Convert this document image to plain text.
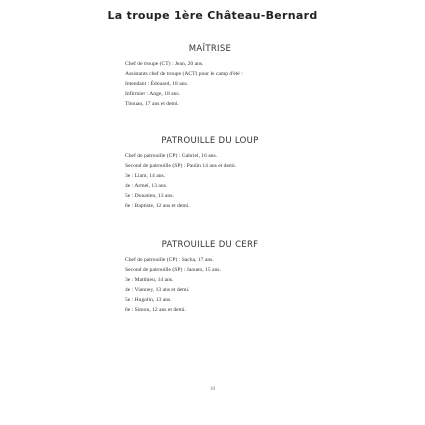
La troupe 1ère Château-Bernard
MAÎTRISE
Chef de troupe (CT) : Jean, 20 ans.
Assistants chef de troupe (ACT) pour le camp d'été :
Intendant : Édouard, 18 ans.
Infirmier : Ange, 18 ans.
Titouan, 17 ans et demi.
PATROUILLE DU LOUP
Chef de patrouille (CP) : Gabriel, 16 ans.
Second de patrouille (SP) : Paulin 14 ans et demi.
3e : Liam, 14 ans.
4e : Armel, 13 ans.
5e : Donatien, 13 ans.
6e : Baptiste, 12 ans et demi.
PATROUILLE DU CERF
Chef de patrouille (CP) : Sacha, 17 ans.
Second de patrouille (SP) : Jaouen, 15 ans.
3e : Matthieu, 14 ans.
4e : Vianney, 13 ans et demi.
5e : Hugolin, 13 ans.
6e : Simon, 12 ans et demi.
10
